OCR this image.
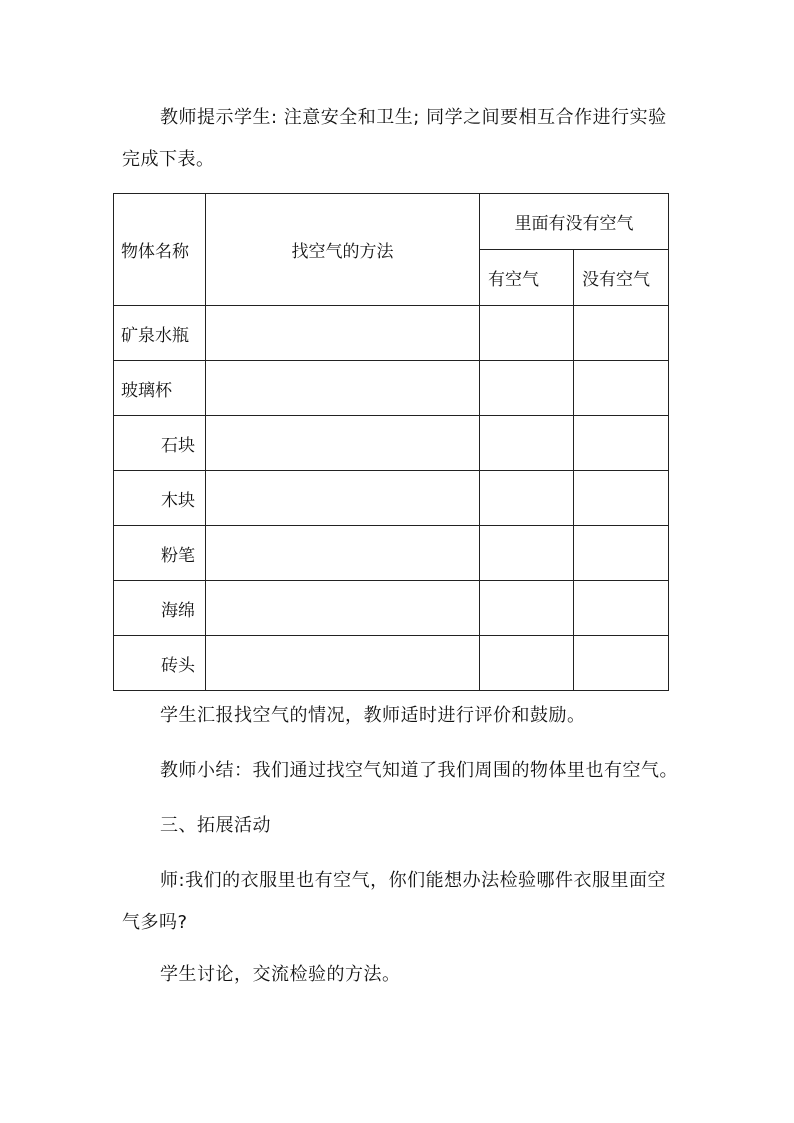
教师提示学生: 注意安全和卫生; 同学之间要相互合作进行实验
完成下表。
物体名称	找空气的方法	里面有没有空气	
		有空气	没有空气
矿泉水瓶			
玻璃杯			
石块			
木块			
粉笔			
海绵			
砖头			
学生汇报找空气的情况，教师适时进行评价和鼓励。
教师小结：我们通过找空气知道了我们周围的物体里也有空气。
三、拓展活动
师:我们的衣服里也有空气，你们能想办法检验哪件衣服里面空
气多吗?
学生讨论，交流检验的方法。
